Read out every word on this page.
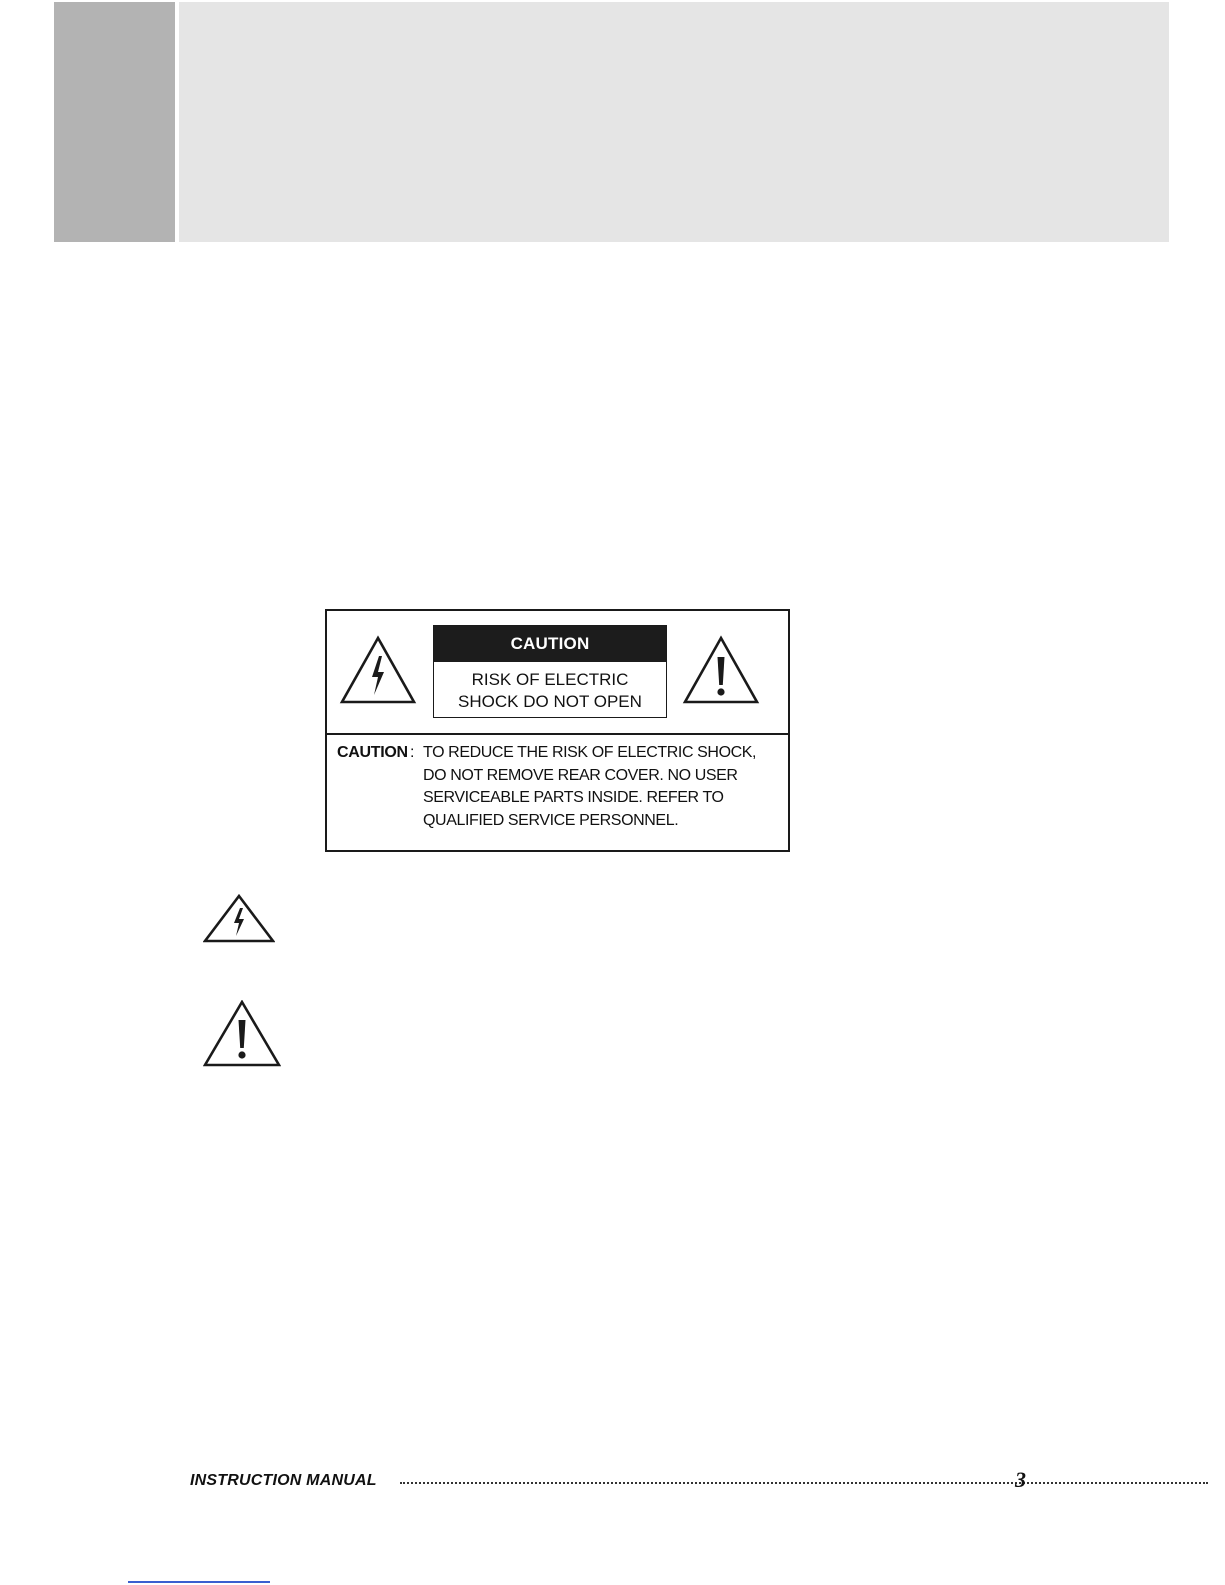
CAUTION
RISK OF ELECTRIC
SHOCK DO NOT OPEN
CAUTION : TO REDUCE THE RISK OF ELECTRIC SHOCK,
DO NOT REMOVE REAR COVER. NO USER
SERVICEABLE PARTS INSIDE. REFER TO
QUALIFIED SERVICE PERSONNEL.
INSTRUCTION MANUAL	3
